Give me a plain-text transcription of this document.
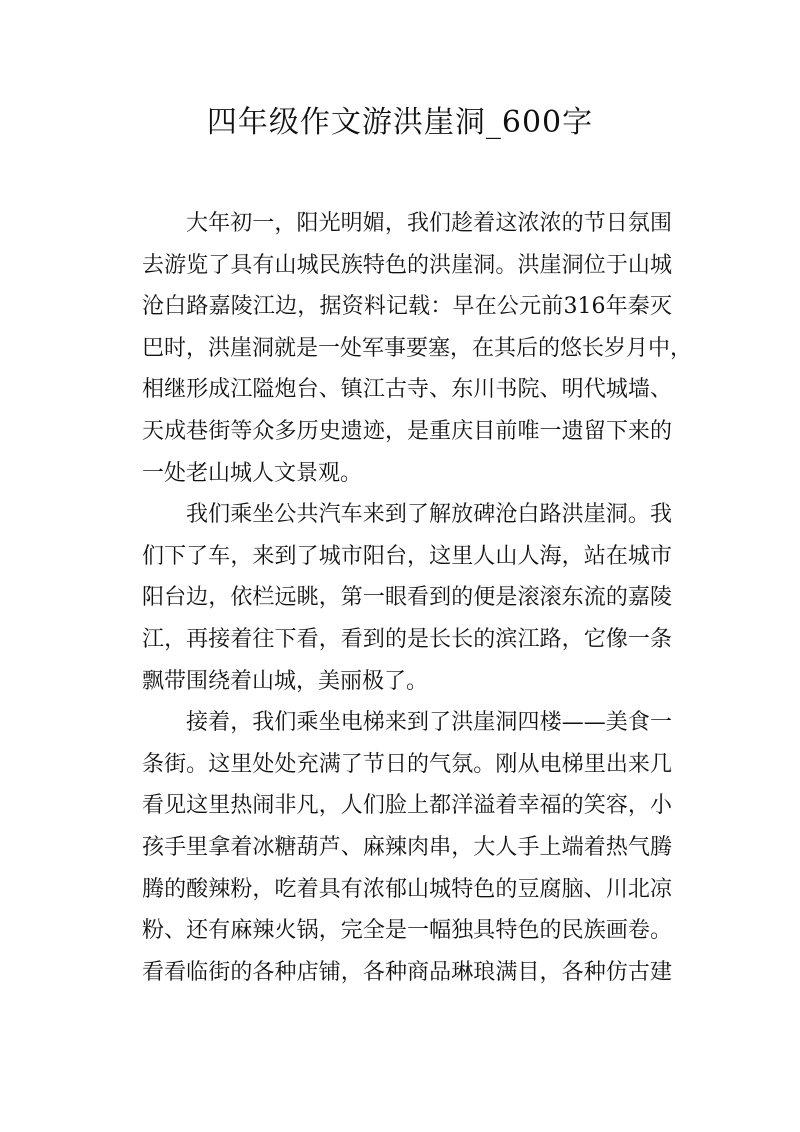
四年级作文游洪崖洞_600字
大年初一，阳光明媚，我们趁着这浓浓的节日氛围
去游览了具有山城民族特色的洪崖洞。洪崖洞位于山城
沧白路嘉陵江边，据资料记载：早在公元前316年秦灭
巴时，洪崖洞就是一处军事要塞，在其后的悠长岁月中，
相继形成江隘炮台、镇江古寺、东川书院、明代城墙、
天成巷街等众多历史遗迹，是重庆目前唯一遗留下来的
一处老山城人文景观。
我们乘坐公共汽车来到了解放碑沧白路洪崖洞。我
们下了车，来到了城市阳台，这里人山人海，站在城市
阳台边，依栏远眺，第一眼看到的便是滚滚东流的嘉陵
江，再接着往下看，看到的是长长的滨江路，它像一条
飘带围绕着山城，美丽极了。
接着，我们乘坐电梯来到了洪崖洞四楼——美食一
条街。这里处处充满了节日的气氛。刚从电梯里出来几
看见这里热闹非凡，人们脸上都洋溢着幸福的笑容，小
孩手里拿着冰糖葫芦、麻辣肉串，大人手上端着热气腾
腾的酸辣粉，吃着具有浓郁山城特色的豆腐脑、川北凉
粉、还有麻辣火锅，完全是一幅独具特色的民族画卷。
看看临街的各种店铺，各种商品琳琅满目，各种仿古建
